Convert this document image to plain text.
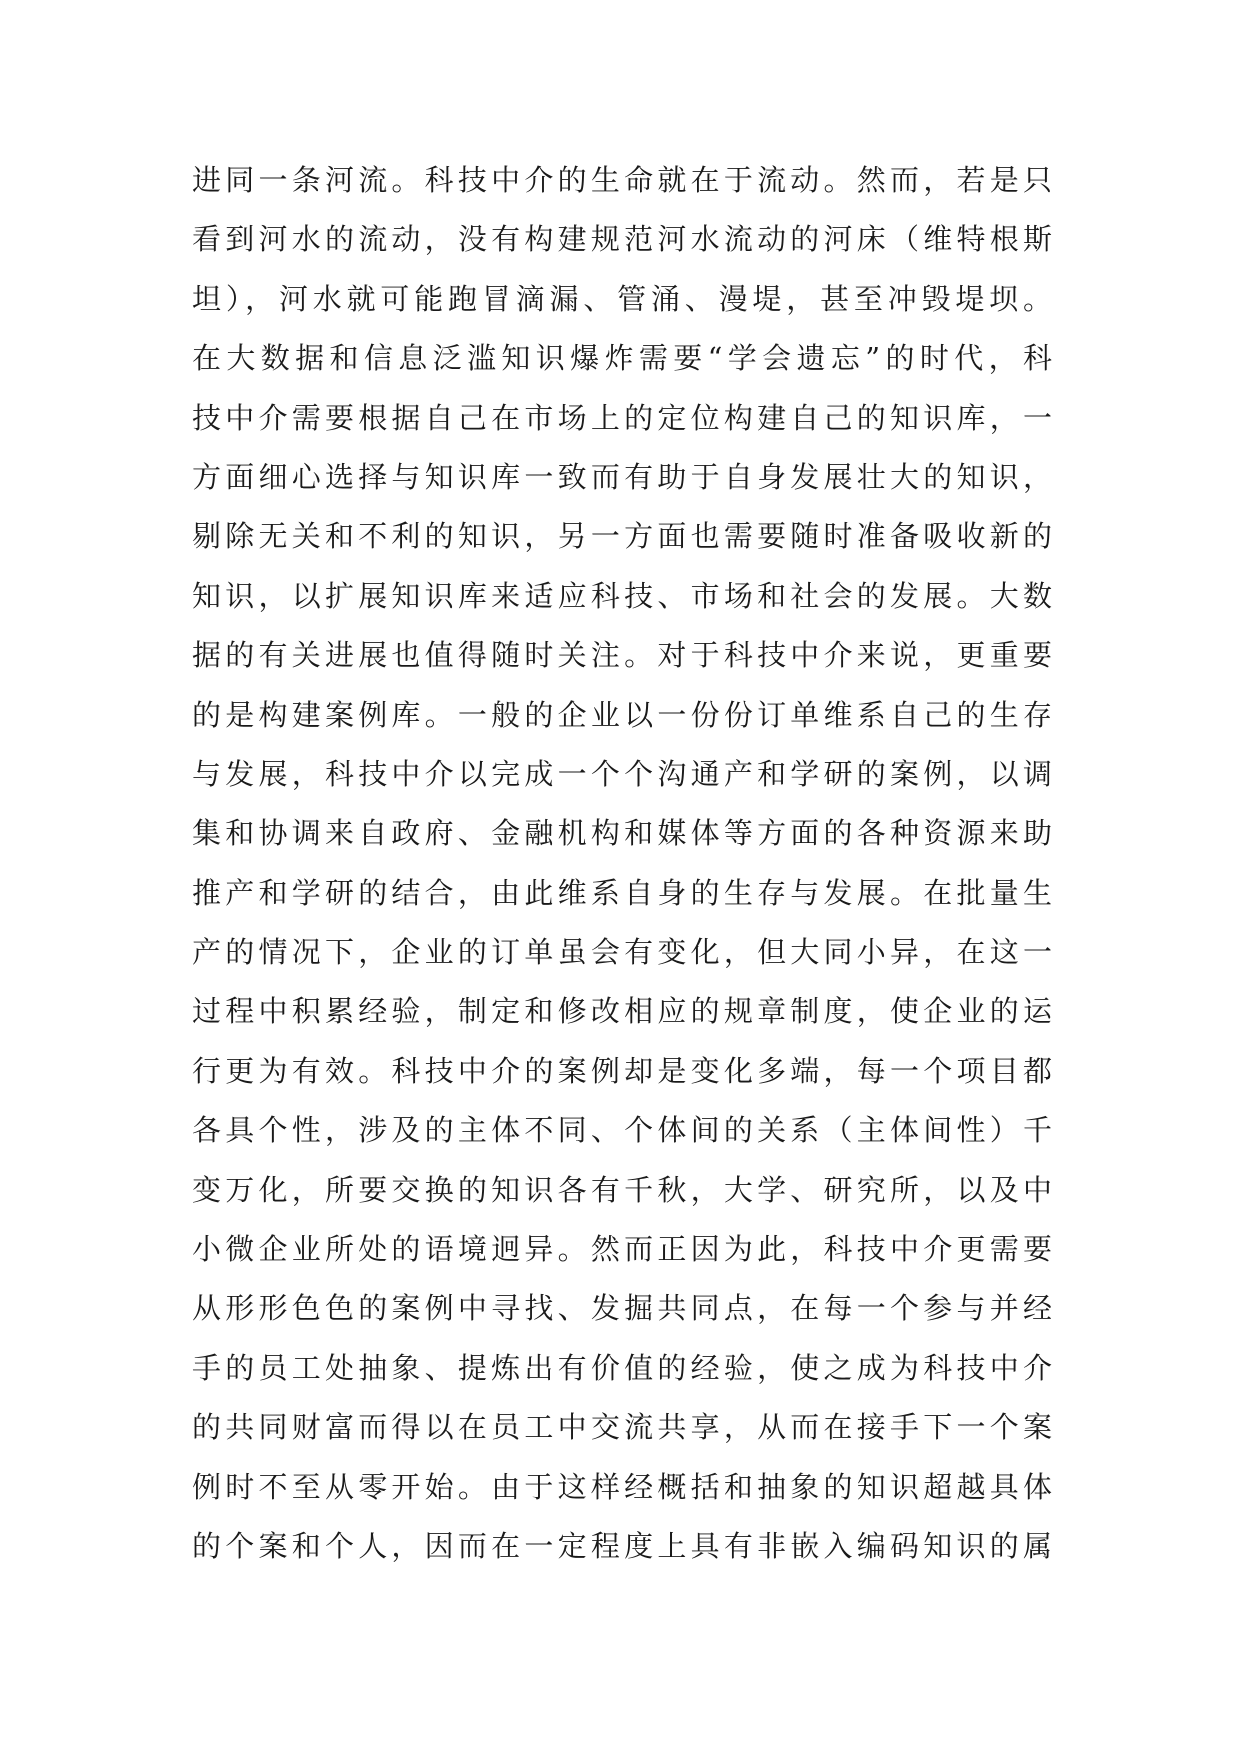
进同一条河流。科技中介的生命就在于流动。然而，若是只
看到河水的流动，没有构建规范河水流动的河床（维特根斯
坦），河水就可能跑冒滴漏、管涌、漫堤，甚至冲毁堤坝。
在大数据和信息泛滥知识爆炸需要“学会遗忘”的时代，科
技中介需要根据自己在市场上的定位构建自己的知识库，一
方面细心选择与知识库一致而有助于自身发展壮大的知识，
剔除无关和不利的知识，另一方面也需要随时准备吸收新的
知识，以扩展知识库来适应科技、市场和社会的发展。大数
据的有关进展也值得随时关注。对于科技中介来说，更重要
的是构建案例库。一般的企业以一份份订单维系自己的生存
与发展，科技中介以完成一个个沟通产和学研的案例，以调
集和协调来自政府、金融机构和媒体等方面的各种资源来助
推产和学研的结合，由此维系自身的生存与发展。在批量生
产的情况下，企业的订单虽会有变化，但大同小异，在这一
过程中积累经验，制定和修改相应的规章制度，使企业的运
行更为有效。科技中介的案例却是变化多端，每一个项目都
各具个性，涉及的主体不同、个体间的关系（主体间性）千
变万化，所要交换的知识各有千秋，大学、研究所，以及中
小微企业所处的语境迥异。然而正因为此，科技中介更需要
从形形色色的案例中寻找、发掘共同点，在每一个参与并经
手的员工处抽象、提炼出有价值的经验，使之成为科技中介
的共同财富而得以在员工中交流共享，从而在接手下一个案
例时不至从零开始。由于这样经概括和抽象的知识超越具体
的个案和个人，因而在一定程度上具有非嵌入编码知识的属
